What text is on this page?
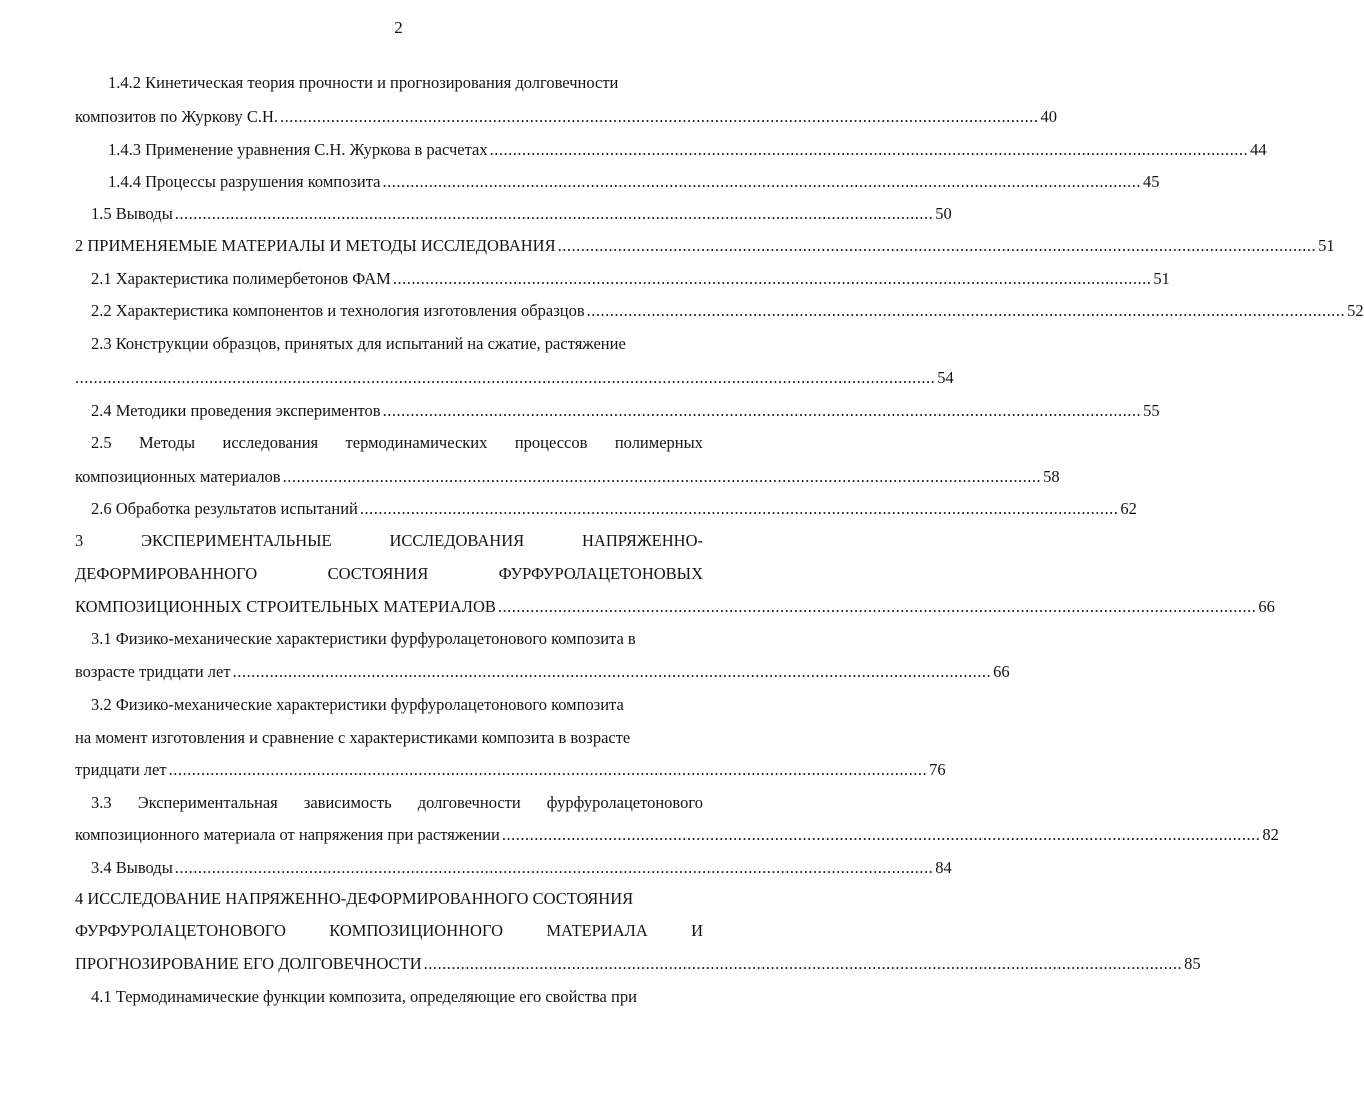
2
1.4.2 Кинетическая теория прочности и прогнозирования долговечности
композитов по Журкову С.Н. .................................................................................................................................................................... 40
1.4.3 Применение уравнения С.Н. Журкова в расчетах .................................................................................................................................................................... 44
1.4.4 Процессы разрушения композита .................................................................................................................................................................... 45
1.5 Выводы .................................................................................................................................................................... 50
2 ПРИМЕНЯЕМЫЕ МАТЕРИАЛЫ И МЕТОДЫ ИССЛЕДОВАНИЯ .................................................................................................................................................................... 51
2.1 Характеристика полимербетонов ФАМ .................................................................................................................................................................... 51
2.2 Характеристика компонентов и технология изготовления образцов .................................................................................................................................................................... 52
2.3 Конструкции образцов, принятых для испытаний на сжатие, растяжение
.......................................................................................................................................................................................... 54
2.4 Методики проведения экспериментов .................................................................................................................................................................... 55
2.5 Методы исследования термодинамических процессов полимерных
композиционных материалов .................................................................................................................................................................... 58
2.6 Обработка результатов испытаний .................................................................................................................................................................... 62
3	ЭКСПЕРИМЕНТАЛЬНЫЕ	ИССЛЕДОВАНИЯ	НАПРЯЖЕННО-
ДЕФОРМИРОВАННОГО	СОСТОЯНИЯ	ФУРФУРОЛАЦЕТОНОВЫХ
КОМПОЗИЦИОННЫХ СТРОИТЕЛЬНЫХ МАТЕРИАЛОВ .................................................................................................................................................................... 66
3.1 Физико-механические характеристики фурфуролацетонового композита в
возрасте тридцати лет .................................................................................................................................................................... 66
3.2 Физико-механические характеристики фурфуролацетонового композита
на момент изготовления и сравнение с характеристиками композита в возрасте
тридцати лет .................................................................................................................................................................... 76
3.3 Экспериментальная зависимость долговечности фурфуролацетонового
композиционного материала от напряжения при растяжении .................................................................................................................................................................... 82
3.4 Выводы .................................................................................................................................................................... 84
4 ИССЛЕДОВАНИЕ НАПРЯЖЕННО-ДЕФОРМИРОВАННОГО СОСТОЯНИЯ
ФУРФУРОЛАЦЕТОНОВОГО	КОМПОЗИЦИОННОГО	МАТЕРИАЛА	И
ПРОГНОЗИРОВАНИЕ ЕГО ДОЛГОВЕЧНОСТИ .................................................................................................................................................................... 85
4.1 Термодинамические функции композита, определяющие его свойства при
